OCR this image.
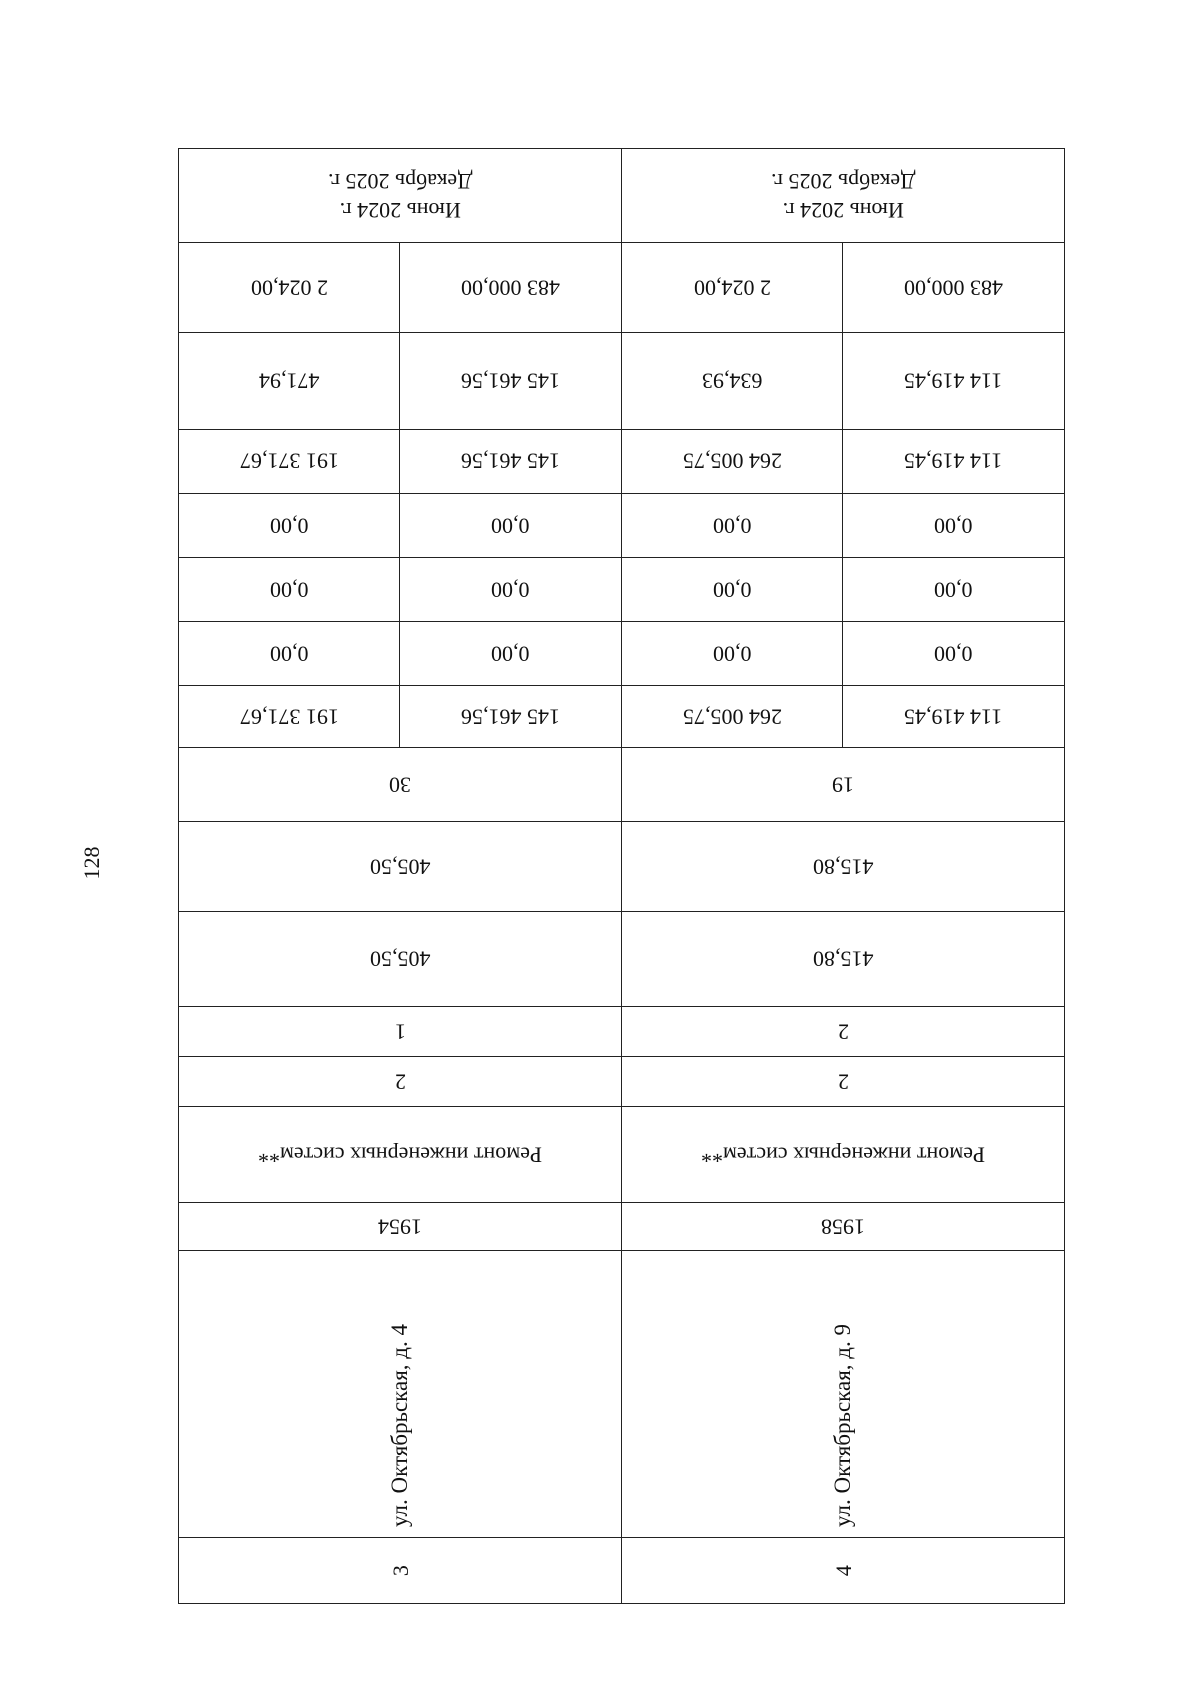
128
Июнь 2024 г.
Декабрь 2025 г.		Июнь 2024 г.
Декабрь 2025 г.	
2 024,00	483 000,00	2 024,00	483 000,00
471,94	145 461,56	634,93	114 419,45
191 371,67	145 461,56	264 005,75	114 419,45
0,00	0,00	0,00	0,00
0,00	0,00	0,00	0,00
0,00	0,00	0,00	0,00
191 371,67	145 461,56	264 005,75	114 419,45
30		19	
405,50		415,80	
405,50		415,80	
1		2	
2		2	
Ремонт инженерных систем**		Ремонт инженерных систем**	
1954		1958	
ул. Октябрьская, д. 4		ул. Октябрьская, д. 9	
3		4	
